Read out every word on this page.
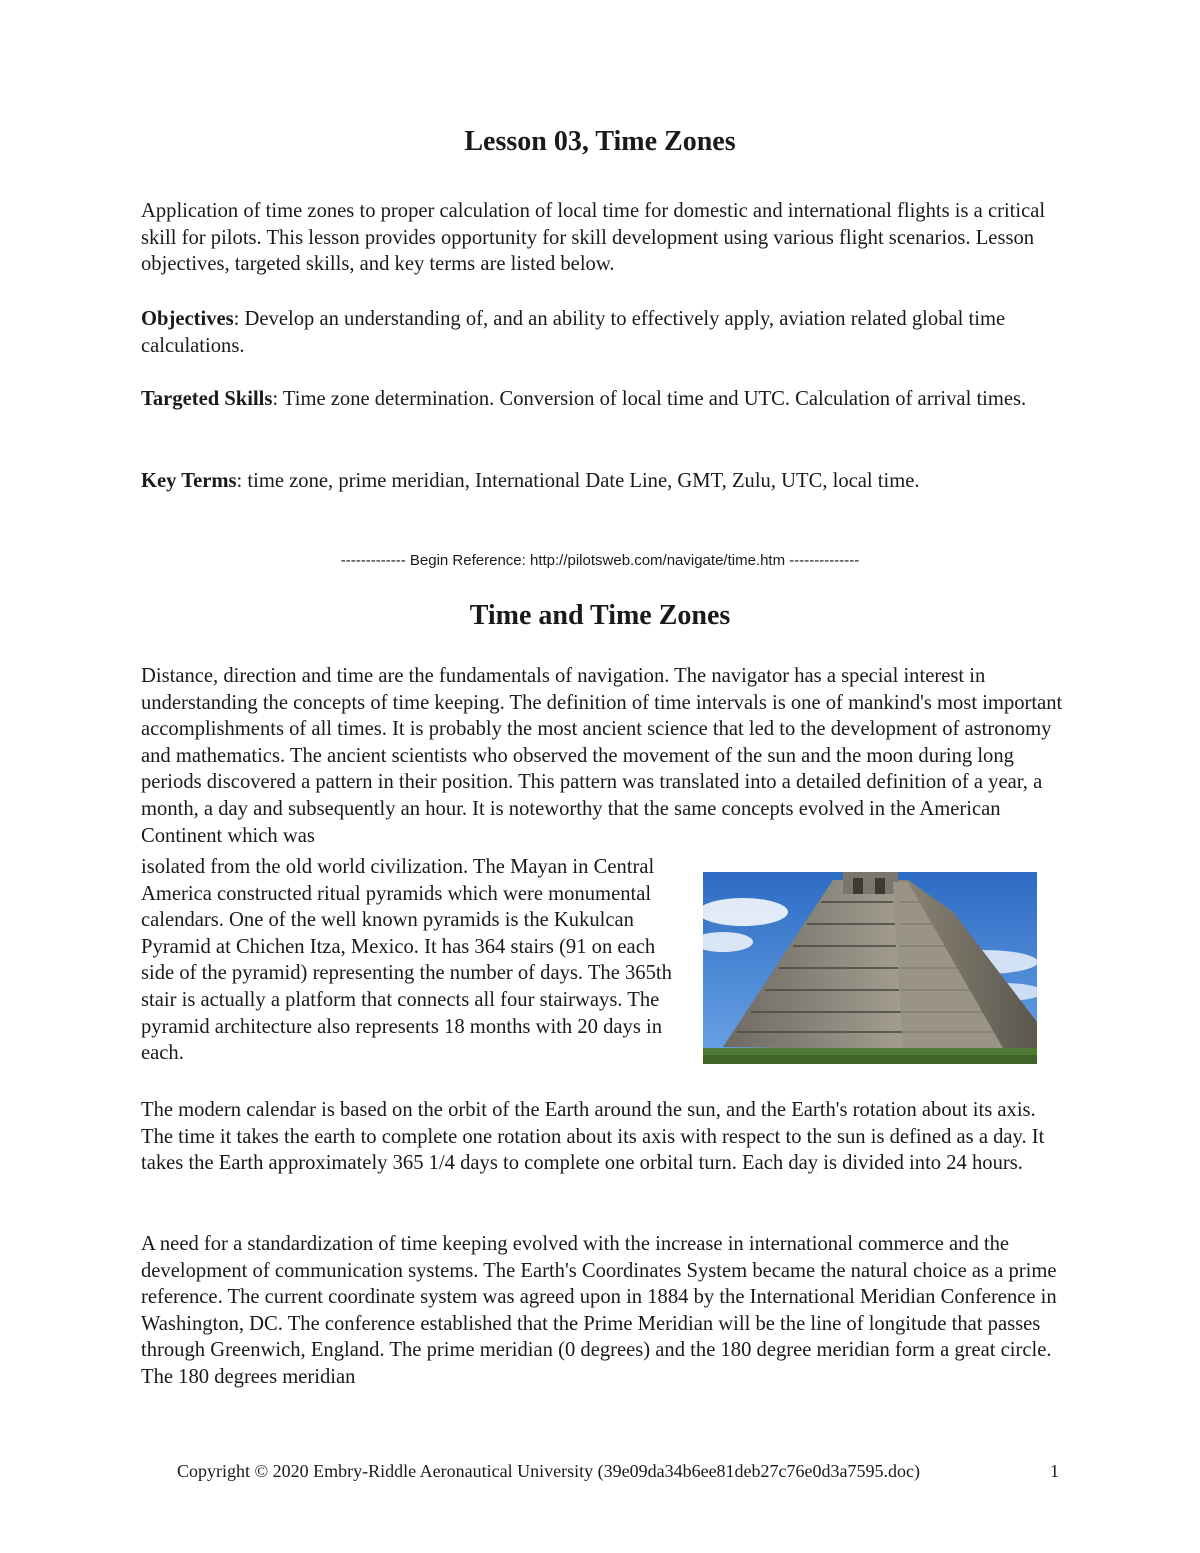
Lesson 03, Time Zones

Application of time zones to proper calculation of local time for domestic and international flights is a critical skill for pilots. This lesson provides opportunity for skill development using various flight scenarios. Lesson objectives, targeted skills, and key terms are listed below.

Objectives: Develop an understanding of, and an ability to effectively apply, aviation related global time calculations.

Targeted Skills: Time zone determination. Conversion of local time and UTC. Calculation of arrival times.

Key Terms: time zone, prime meridian, International Date Line, GMT, Zulu, UTC, local time.

------------- Begin Reference: http://pilotsweb.com/navigate/time.htm --------------
Time and Time Zones

Distance, direction and time are the fundamentals of navigation. The navigator has a special interest in understanding the concepts of time keeping. The definition of time intervals is one of mankind's most important accomplishments of all times. It is probably the most ancient science that led to the development of astronomy and mathematics. The ancient scientists who observed the movement of the sun and the moon during long periods discovered a pattern in their position. This pattern was translated into a detailed definition of a year, a month, a day and subsequently an hour. It is noteworthy that the same concepts evolved in the American Continent which was

isolated from the old world civilization. The Mayan in Central America constructed ritual pyramids which were monumental calendars. One of the well known pyramids is the Kukulcan Pyramid at Chichen Itza, Mexico. It has 364 stairs (91 on each side of the pyramid) representing the number of days. The 365th stair is actually a platform that connects all four stairways. The pyramid architecture also represents 18 months with 20 days in each.

The modern calendar is based on the orbit of the Earth around the sun, and the Earth's rotation about its axis. The time it takes the earth to complete one rotation about its axis with respect to the sun is defined as a day. It takes the Earth approximately 365 1/4 days to complete one orbital turn. Each day is divided into 24 hours.

A need for a standardization of time keeping evolved with the increase in international commerce and the development of communication systems. The Earth's Coordinates System became the natural choice as a prime reference. The current coordinate system was agreed upon in 1884 by the International Meridian Conference in Washington, DC. The conference established that the Prime Meridian will be the line of longitude that passes through Greenwich, England. The prime meridian (0 degrees) and the 180 degree meridian form a great circle. The 180 degrees meridian

Copyright © 2020 Embry-Riddle Aeronautical University (39e09da34b6ee81deb27c76e0d3a7595.doc)	1
